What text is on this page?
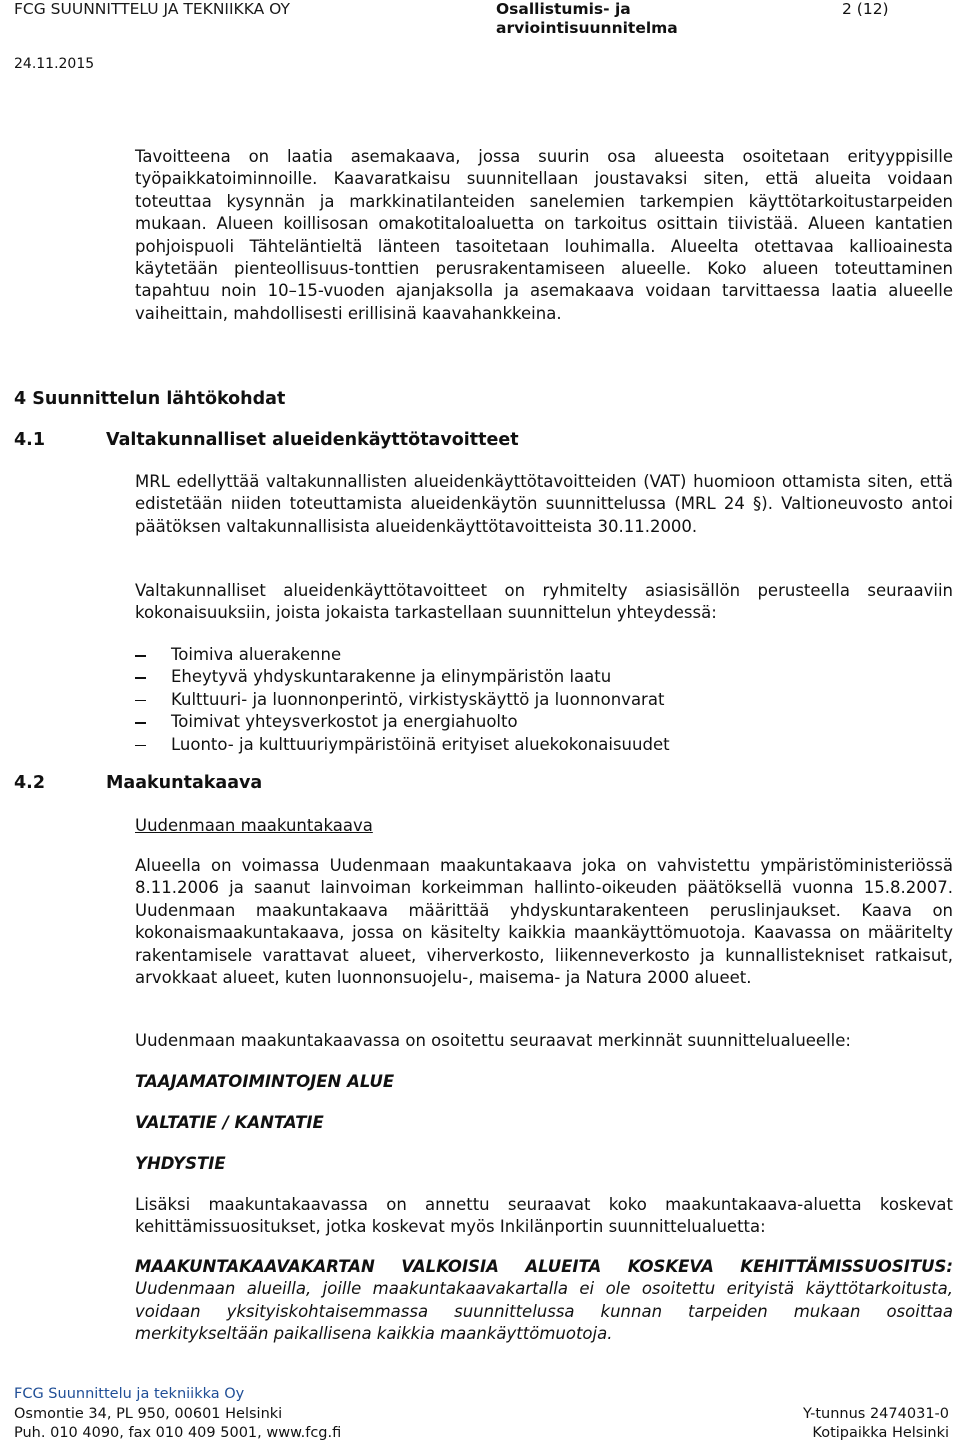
FCG SUUNNITTELU JA TEKNIIKKA OY	Osallistumis- ja arviointisuunnitelma
2 (12)
24.11.2015

Tavoitteena on laatia asemakaava, jossa suurin osa alueesta osoitetaan erityyppisille työpaikkatoiminnoille. Kaavaratkaisu suunnitellaan joustavaksi siten, että alueita voidaan toteuttaa kysynnän ja markkinatilanteiden sanelemien tarkempien käyttötarkoitustarpeiden mukaan. Alueen koillisosan omakotitaloaluetta on tarkoitus osittain tiivistää. Alueen kantatien pohjoispuoli Tähteläntieltä länteen tasoitetaan louhimalla. Alueelta otettavaa kallioainesta käytetään pienteollisuus-tonttien perusrakentamiseen alueelle. Koko alueen toteuttaminen tapahtuu noin 10–15-vuoden ajanjaksolla ja asemakaava voidaan tarvittaessa laatia alueelle vaiheittain, mahdollisesti erillisinä kaavahankkeina.

4 Suunnittelun lähtökohdat
4.1	Valtakunnalliset alueidenkäyttötavoitteet

MRL edellyttää valtakunnallisten alueidenkäyttötavoitteiden (VAT) huomioon ottamista siten, että edistetään niiden toteuttamista alueidenkäytön suunnittelussa (MRL 24 §). Valtioneuvosto antoi päätöksen valtakunnallisista alueidenkäyttötavoitteista 30.11.2000.

Valtakunnalliset alueidenkäyttötavoitteet on ryhmitelty asiasisällön perusteella seuraaviin kokonaisuuksiin, joista jokaista tarkastellaan suunnittelun yhteydessä:

Toimiva aluerakenne
Eheytyvä yhdyskuntarakenne ja elinympäristön laatu
Kulttuuri- ja luonnonperintö, virkistyskäyttö ja luonnonvarat
Toimivat yhteysverkostot ja energiahuolto
Luonto- ja kulttuuriympäristöinä erityiset aluekokonaisuudet
4.2	Maakuntakaava

Uudenmaan maakuntakaava

Alueella on voimassa Uudenmaan maakuntakaava joka on vahvistettu ympäristöministeriössä 8.11.2006 ja saanut lainvoiman korkeimman hallinto-oikeuden päätöksellä vuonna 15.8.2007. Uudenmaan maakuntakaava määrittää yhdyskuntarakenteen peruslinjaukset. Kaava on kokonaismaakuntakaava, jossa on käsitelty kaikkia maankäyttömuotoja. Kaavassa on määritelty rakentamisele varattavat alueet, viherverkosto, liikenneverkosto ja kunnallistekniset ratkaisut, arvokkaat alueet, kuten luonnonsuojelu-, maisema- ja Natura 2000 alueet.

Uudenmaan maakuntakaavassa on osoitettu seuraavat merkinnät suunnittelualueelle:

TAAJAMATOIMINTOJEN ALUE

VALTATIE / KANTATIE

YHDYSTIE

Lisäksi maakuntakaavassa on annettu seuraavat koko maakuntakaava-aluetta koskevat kehittämissuositukset, jotka koskevat myös Inkilänportin suunnittelualuetta:

MAAKUNTAKAAVAKARTAN VALKOISIA ALUEITA KOSKEVA KEHITTÄMISSUOSITUS: Uudenmaan alueilla, joille maakuntakaavakartalla ei ole osoitettu erityistä käyttötarkoitusta, voidaan yksityiskohtaisemmassa suunnittelussa kunnan tarpeiden mukaan osoittaa merkitykseltään paikallisena kaikkia maankäyttömuotoja.

FCG Suunnittelu ja tekniikka Oy
Osmontie 34, PL 950, 00601 Helsinki	Y-tunnus 2474031-0
Puh. 010 4090, fax 010 409 5001, www.fcg.fi	Kotipaikka Helsinki
